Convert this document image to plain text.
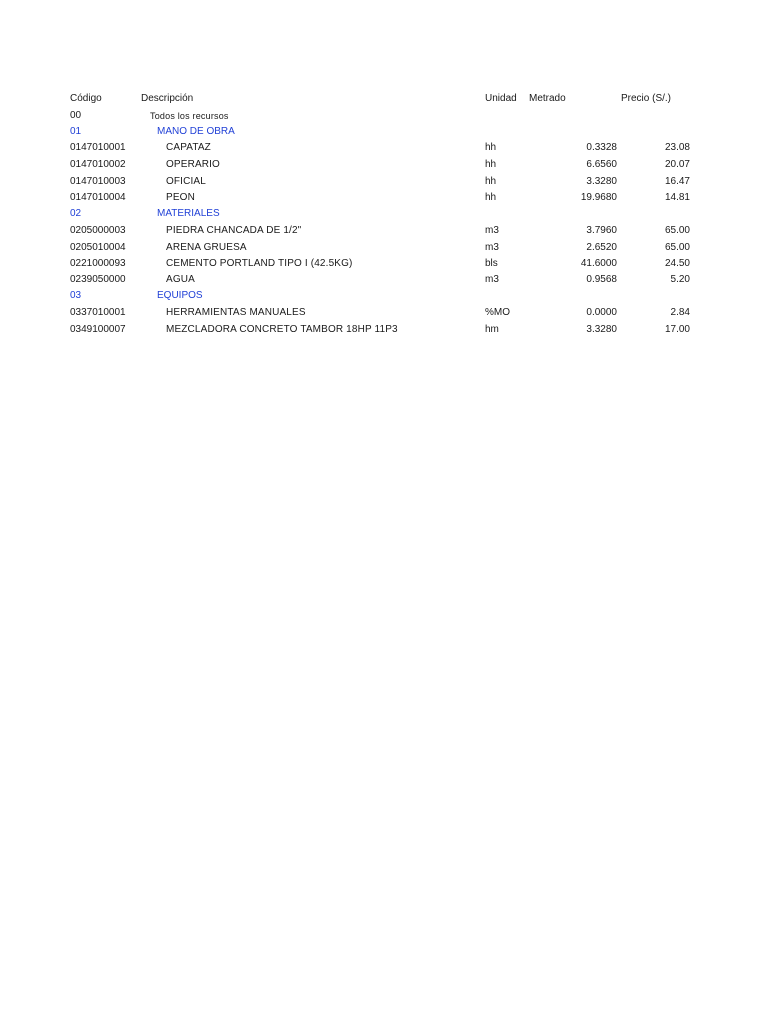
Código	Descripción	Unidad Metrado	Precio (S/.)
00	Todos los recursos
01	MANO DE OBRA
0147010001	CAPATAZ	hh	0.3328	23.08
0147010002	OPERARIO	hh	6.6560	20.07
0147010003	OFICIAL	hh	3.3280	16.47
0147010004	PEON	hh	19.9680	14.81
02	MATERIALES
0205000003	PIEDRA CHANCADA DE 1/2"	m3	3.7960	65.00
0205010004	ARENA GRUESA	m3	2.6520	65.00
0221000093	CEMENTO PORTLAND TIPO I (42.5KG)	bls	41.6000	24.50
0239050000	AGUA	m3	0.9568	5.20
03	EQUIPOS
0337010001	HERRAMIENTAS MANUALES	%MO	0.0000	2.84
0349100007	MEZCLADORA CONCRETO TAMBOR 18HP 11P3	hm	3.3280	17.00
